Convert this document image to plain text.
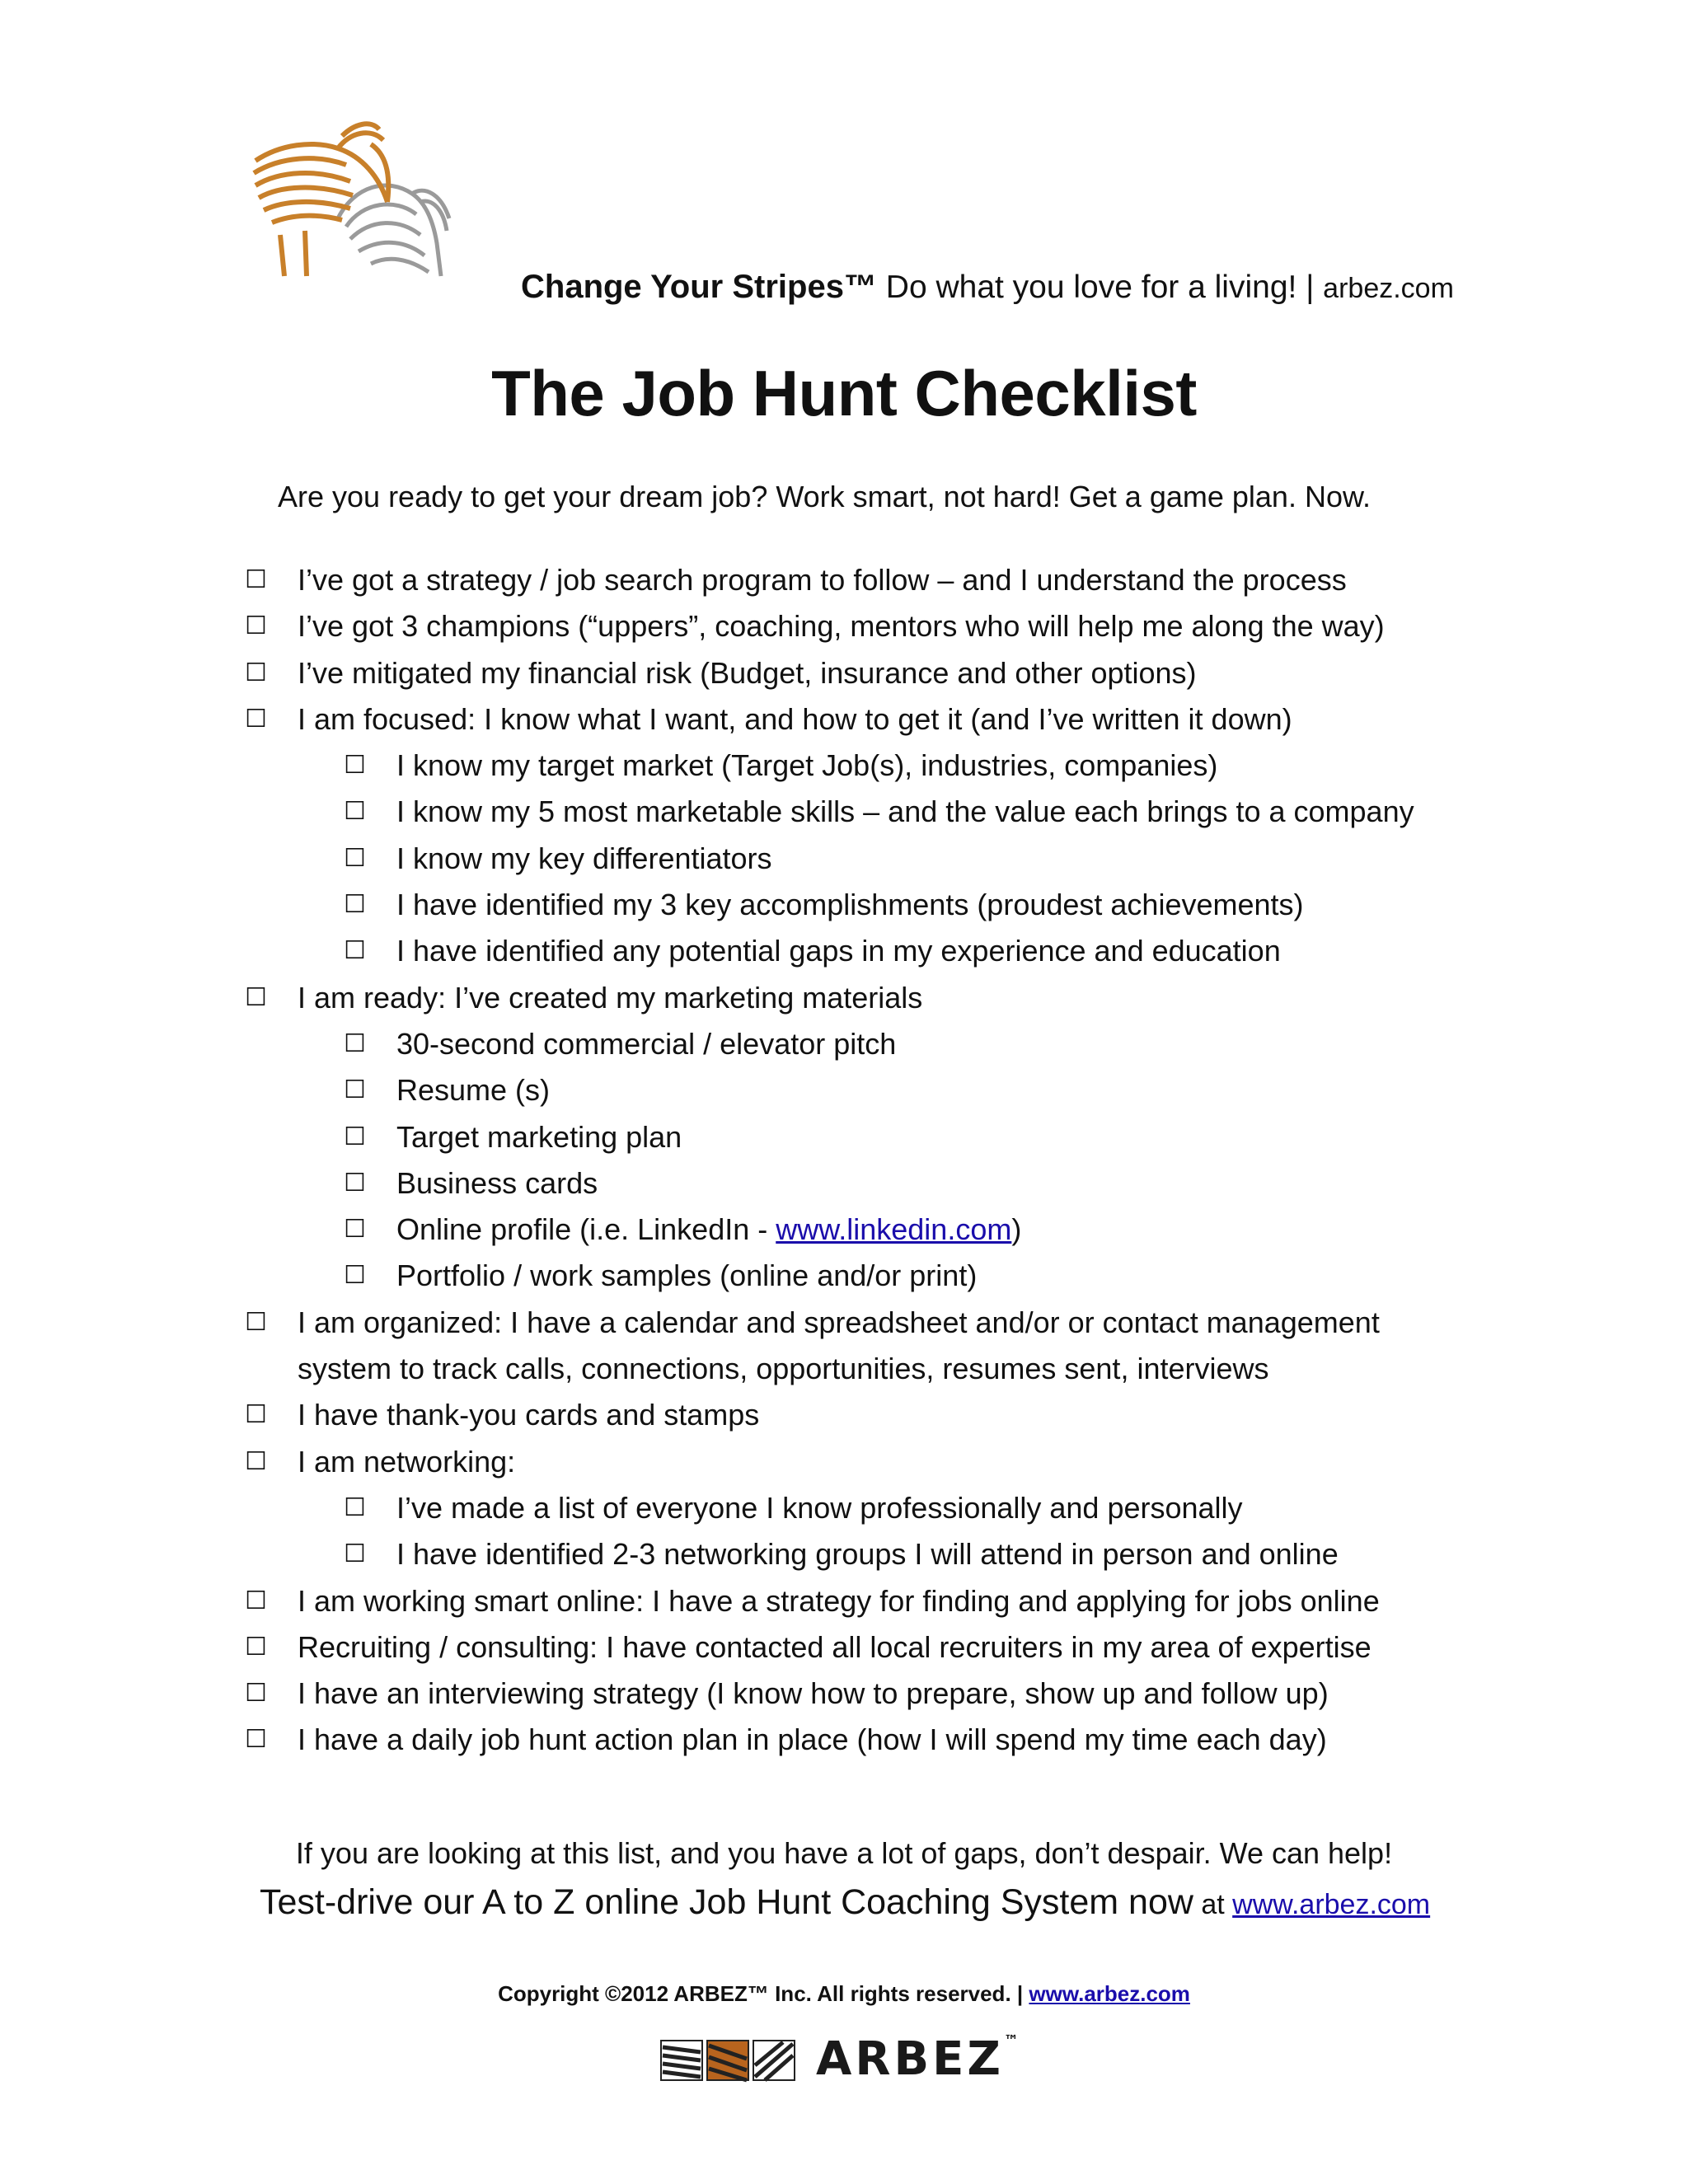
Change Your Stripes™ Do what you love for a living! | arbez.com
The Job Hunt Checklist
Are you ready to get your dream job? Work smart, not hard! Get a game plan. Now.
☐ I’ve got a strategy / job search program to follow – and I understand the process
☐ I’ve got 3 champions (“uppers”, coaching, mentors who will help me along the way)
☐ I’ve mitigated my financial risk (Budget, insurance and other options)
☐ I am focused: I know what I want, and how to get it (and I’ve written it down)
☐ I know my target market (Target Job(s), industries, companies)
☐ I know my 5 most marketable skills – and the value each brings to a company
☐ I know my key differentiators
☐ I have identified my 3 key accomplishments (proudest achievements)
☐ I have identified any potential gaps in my experience and education
☐ I am ready: I’ve created my marketing materials
☐ 30-second commercial / elevator pitch
☐ Resume (s)
☐ Target marketing plan
☐ Business cards
☐ Online profile (i.e. LinkedIn - www.linkedin.com)
☐ Portfolio / work samples (online and/or print)
☐ I am organized: I have a calendar and spreadsheet and/or or contact management system to track calls, connections, opportunities, resumes sent, interviews
☐ I have thank-you cards and stamps
☐ I am networking:
☐ I’ve made a list of everyone I know professionally and personally
☐ I have identified 2-3 networking groups I will attend in person and online
☐ I am working smart online: I have a strategy for finding and applying for jobs online
☐ Recruiting / consulting: I have contacted all local recruiters in my area of expertise
☐ I have an interviewing strategy (I know how to prepare, show up and follow up)
☐ I have a daily job hunt action plan in place (how I will spend my time each day)
If you are looking at this list, and you have a lot of gaps, don’t despair. We can help!
Test-drive our A to Z online Job Hunt Coaching System now at www.arbez.com
Copyright ©2012 ARBEZ™ Inc. All rights reserved. | www.arbez.com
ARBEZ™
